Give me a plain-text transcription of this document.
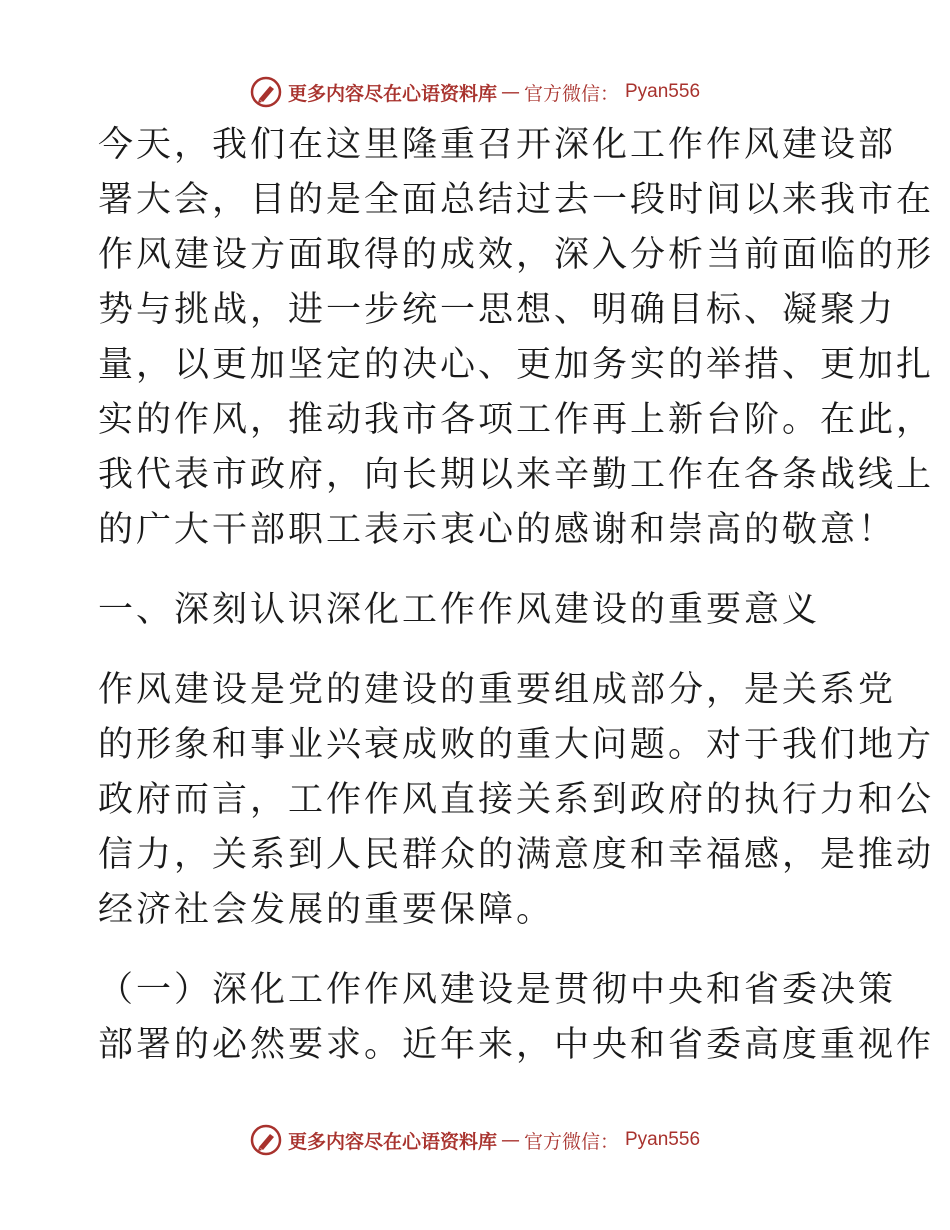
更多内容尽在心语资料库 — 官方微信： Pyan556
今天，我们在这里隆重召开深化工作作风建设部
署大会，目的是全面总结过去一段时间以来我市在
作风建设方面取得的成效，深入分析当前面临的形
势与挑战，进一步统一思想、明确目标、凝聚力
量，以更加坚定的决心、更加务实的举措、更加扎
实的作风，推动我市各项工作再上新台阶。在此，
我代表市政府，向长期以来辛勤工作在各条战线上
的广大干部职工表示衷心的感谢和崇高的敬意！
一、深刻认识深化工作作风建设的重要意义
作风建设是党的建设的重要组成部分，是关系党
的形象和事业兴衰成败的重大问题。对于我们地方
政府而言，工作作风直接关系到政府的执行力和公
信力，关系到人民群众的满意度和幸福感，是推动
经济社会发展的重要保障。
（一）深化工作作风建设是贯彻中央和省委决策
部署的必然要求。近年来，中央和省委高度重视作
更多内容尽在心语资料库 — 官方微信： Pyan556
